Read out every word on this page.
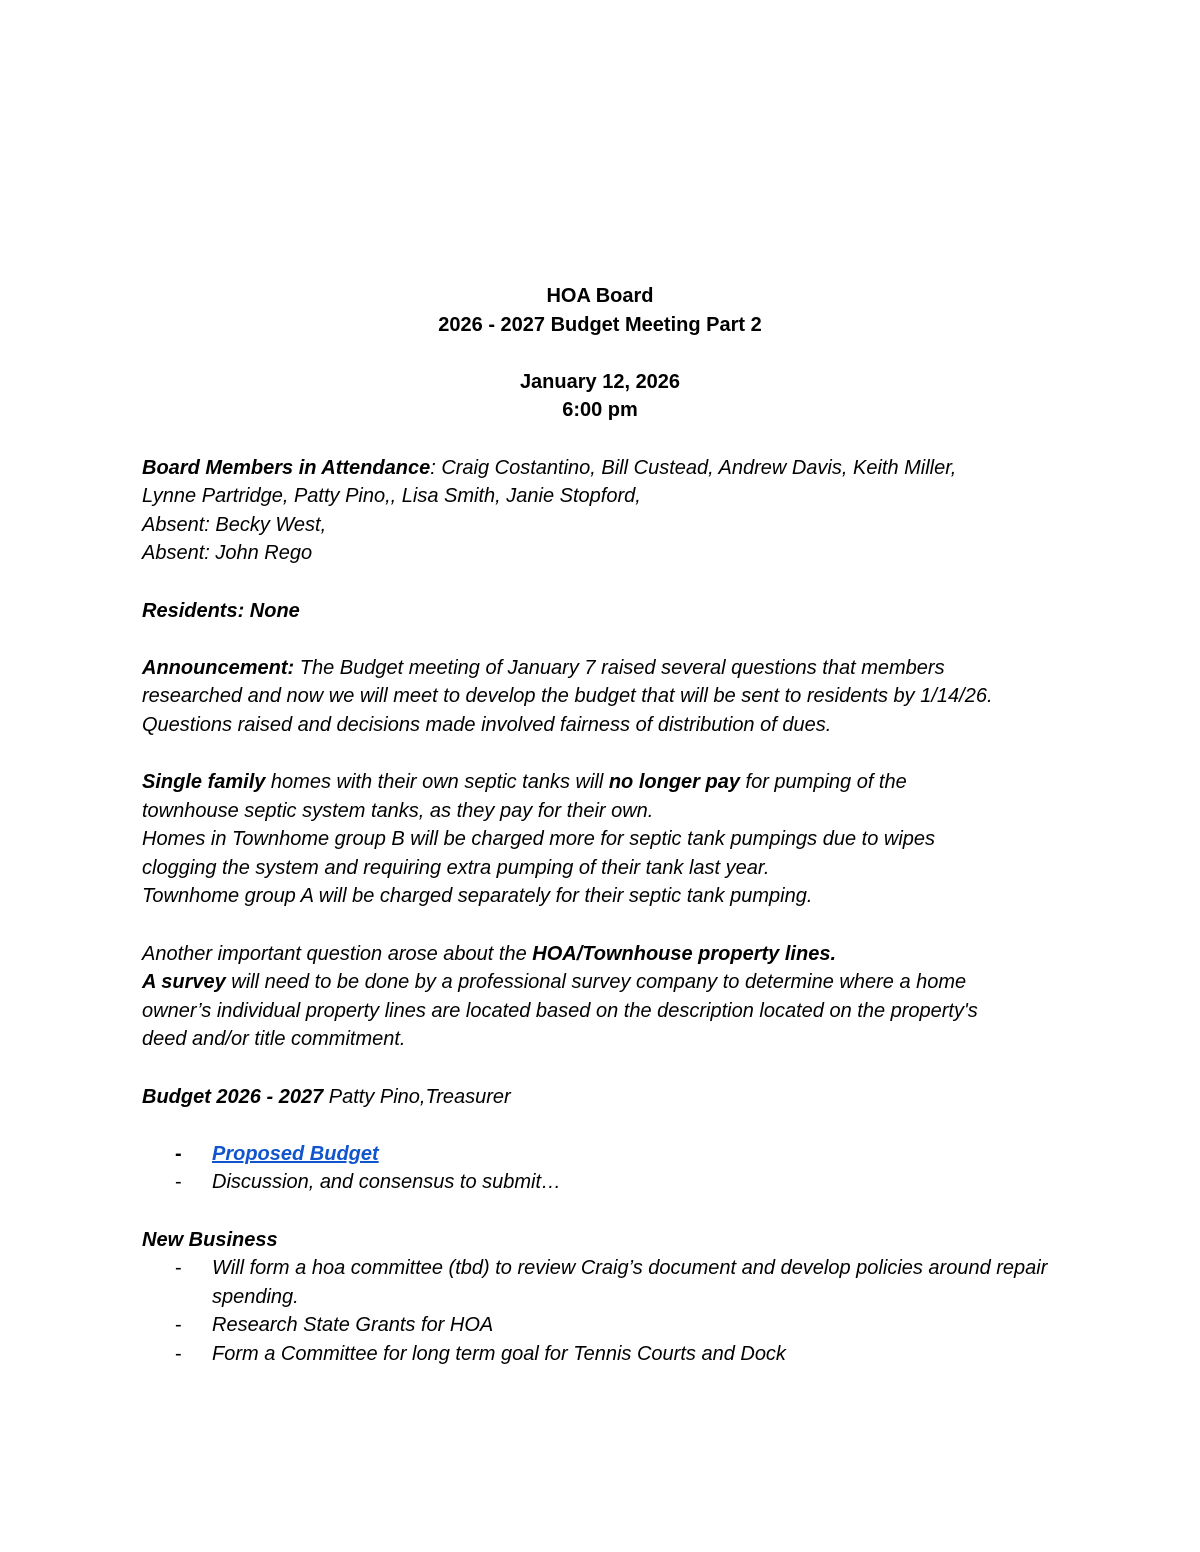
HOA Board

2026 - 2027 Budget Meeting Part 2

January 12, 2026

6:00 pm

Board Members in Attendance: Craig Costantino, Bill Custead, Andrew Davis, Keith Miller,

Lynne Partridge, Patty Pino,, Lisa Smith, Janie Stopford,

Absent: Becky West,

Absent: John Rego

Residents: None

Announcement: The Budget meeting of January 7 raised several questions that members

researched and now we will meet to develop the budget that will be sent to residents by 1/14/26.

Questions raised and decisions made involved fairness of distribution of dues.

Single family homes with their own septic tanks will no longer pay for pumping of the

townhouse septic system tanks, as they pay for their own.

Homes in Townhome group B will be charged more for septic tank pumpings due to wipes

clogging the system and requiring extra pumping of their tank last year.

Townhome group A will be charged separately for their septic tank pumping.

Another important question arose about the HOA/Townhouse property lines.

A survey will need to be done by a professional survey company to determine where a home

owner’s individual property lines are located based on the description located on the property's

deed and/or title commitment.

Budget 2026 - 2027 Patty Pino,Treasurer

- Proposed Budget
- Discussion, and consensus to submit…

New Business

- Will form a hoa committee (tbd) to review Craig’s document and develop policies around repair spending.
- Research State Grants for HOA
- Form a Committee for long term goal for Tennis Courts and Dock
